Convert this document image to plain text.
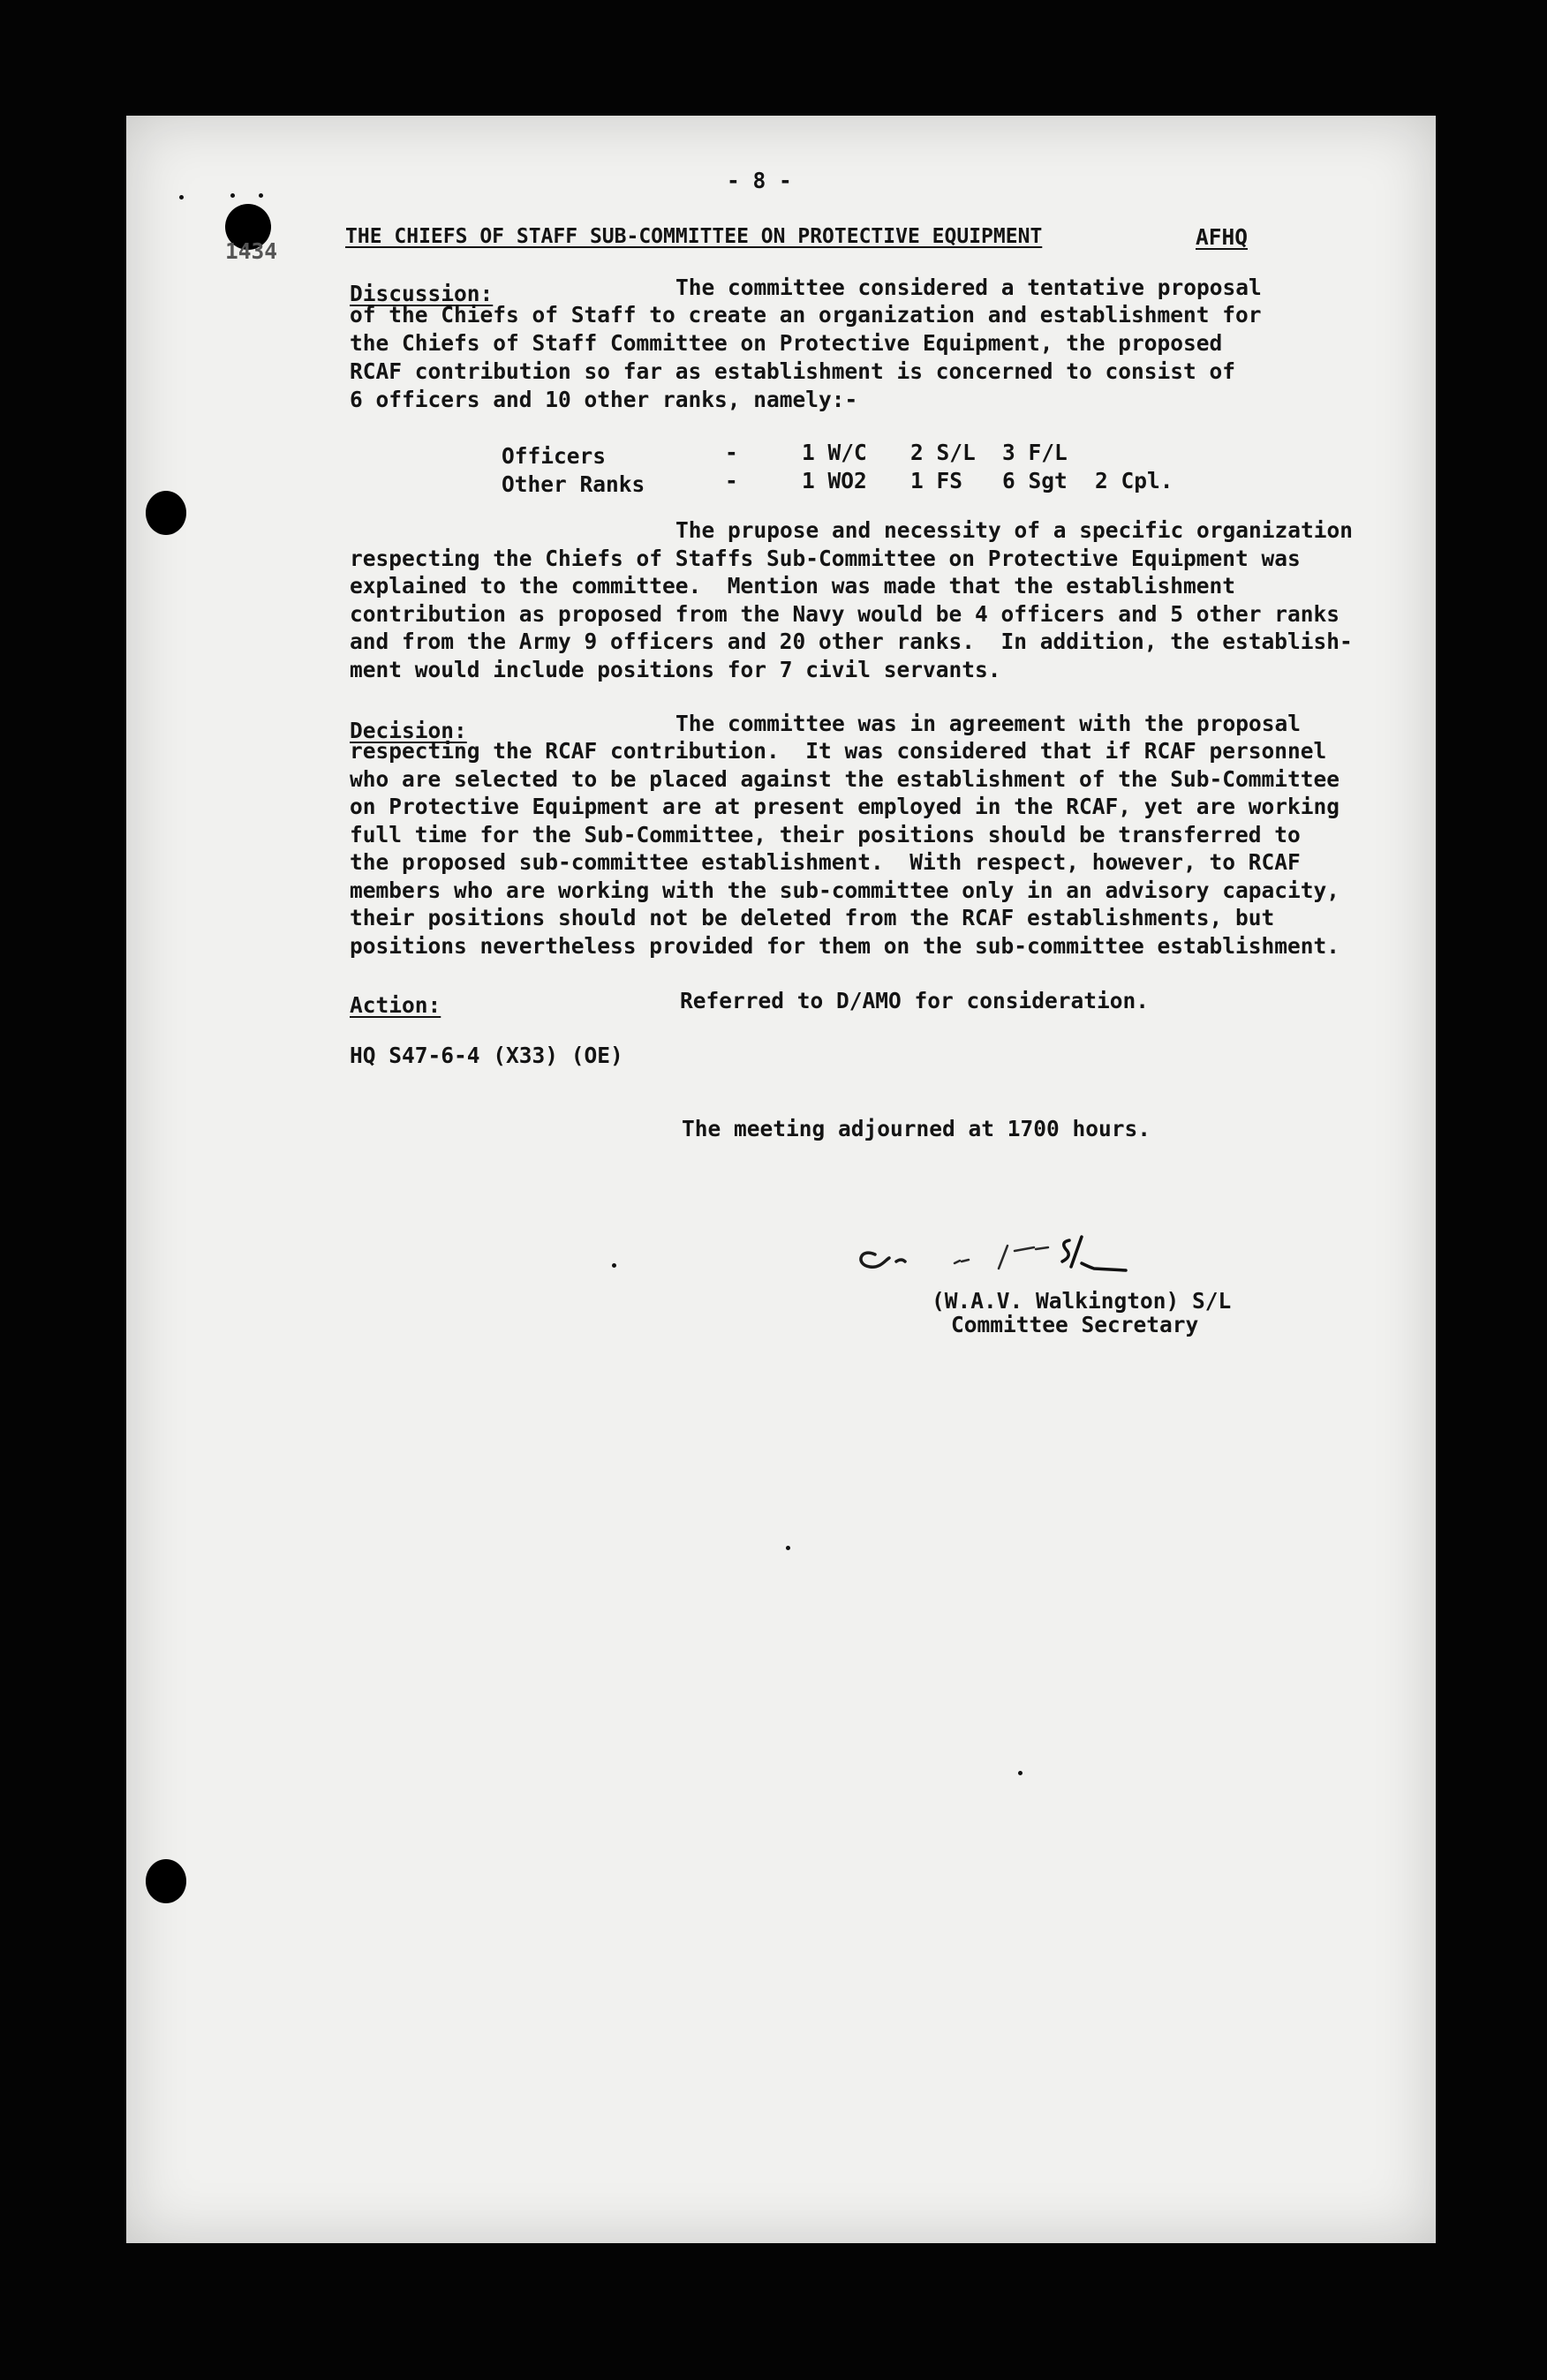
- 8 -
1434
THE CHIEFS OF STAFF SUB-COMMITTEE ON PROTECTIVE EQUIPMENT	AFHQ
Discussion:	The committee considered a tentative proposal
of the Chiefs of Staff to create an organization and establishment for
the Chiefs of Staff Committee on Protective Equipment, the proposed
RCAF contribution so far as establishment is concerned to consist of
6 officers and 10 other ranks, namely:-
Officers	-	1 W/C 2 S/L 3 F/L
Other Ranks	-	1 WO2 1 FS 6 Sgt 2 Cpl.
The prupose and necessity of a specific organization
respecting the Chiefs of Staffs Sub-Committee on Protective Equipment was
explained to the committee.  Mention was made that the establishment
contribution as proposed from the Navy would be 4 officers and 5 other ranks
and from the Army 9 officers and 20 other ranks.  In addition, the establish-
ment would include positions for 7 civil servants.
Decision:	The committee was in agreement with the proposal
respecting the RCAF contribution.  It was considered that if RCAF personnel
who are selected to be placed against the establishment of the Sub-Committee
on Protective Equipment are at present employed in the RCAF, yet are working
full time for the Sub-Committee, their positions should be transferred to
the proposed sub-committee establishment.  With respect, however, to RCAF
members who are working with the sub-committee only in an advisory capacity,
their positions should not be deleted from the RCAF establishments, but
positions nevertheless provided for them on the sub-committee establishment.
Action:	Referred to D/AMO for consideration.
HQ S47-6-4 (X33) (OE)
The meeting adjourned at 1700 hours.
(W.A.V. Walkington) S/L
Committee Secretary
